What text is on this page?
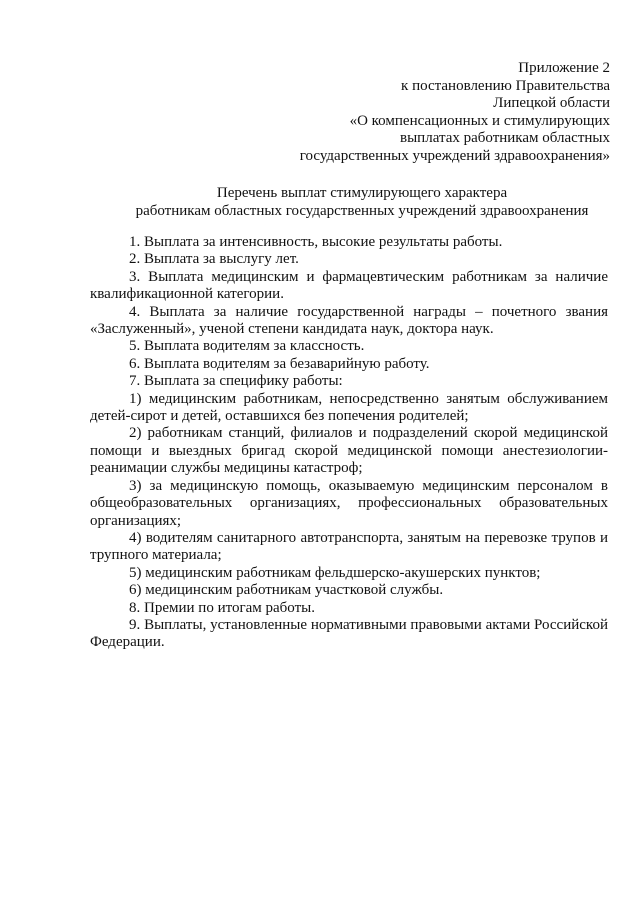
Приложение 2
к постановлению Правительства
Липецкой области
«О компенсационных и стимулирующих
выплатах работникам областных
государственных учреждений здравоохранения»
Перечень выплат стимулирующего характера
работникам областных государственных учреждений здравоохранения

1. Выплата за интенсивность, высокие результаты работы.

2. Выплата за выслугу лет.

3. Выплата медицинским и фармацевтическим работникам за наличие квалификационной категории.

4. Выплата за наличие государственной награды – почетного звания «Заслуженный», ученой степени кандидата наук, доктора наук.

5. Выплата водителям за классность.

6. Выплата водителям за безаварийную работу.

7. Выплата за специфику работы:

1) медицинским работникам, непосредственно занятым обслуживанием детей-сирот и детей, оставшихся без попечения родителей;

2) работникам станций, филиалов и подразделений скорой медицинской помощи и выездных бригад скорой медицинской помощи анестезиологии-реанимации службы медицины катастроф;

3) за медицинскую помощь, оказываемую медицинским персоналом в общеобразовательных организациях, профессиональных образовательных организациях;

4) водителям санитарного автотранспорта, занятым на перевозке трупов и трупного материала;

5) медицинским работникам фельдшерско-акушерских пунктов;

6) медицинским работникам участковой службы.

8. Премии по итогам работы.

9. Выплаты, установленные нормативными правовыми актами Российской Федерации.
